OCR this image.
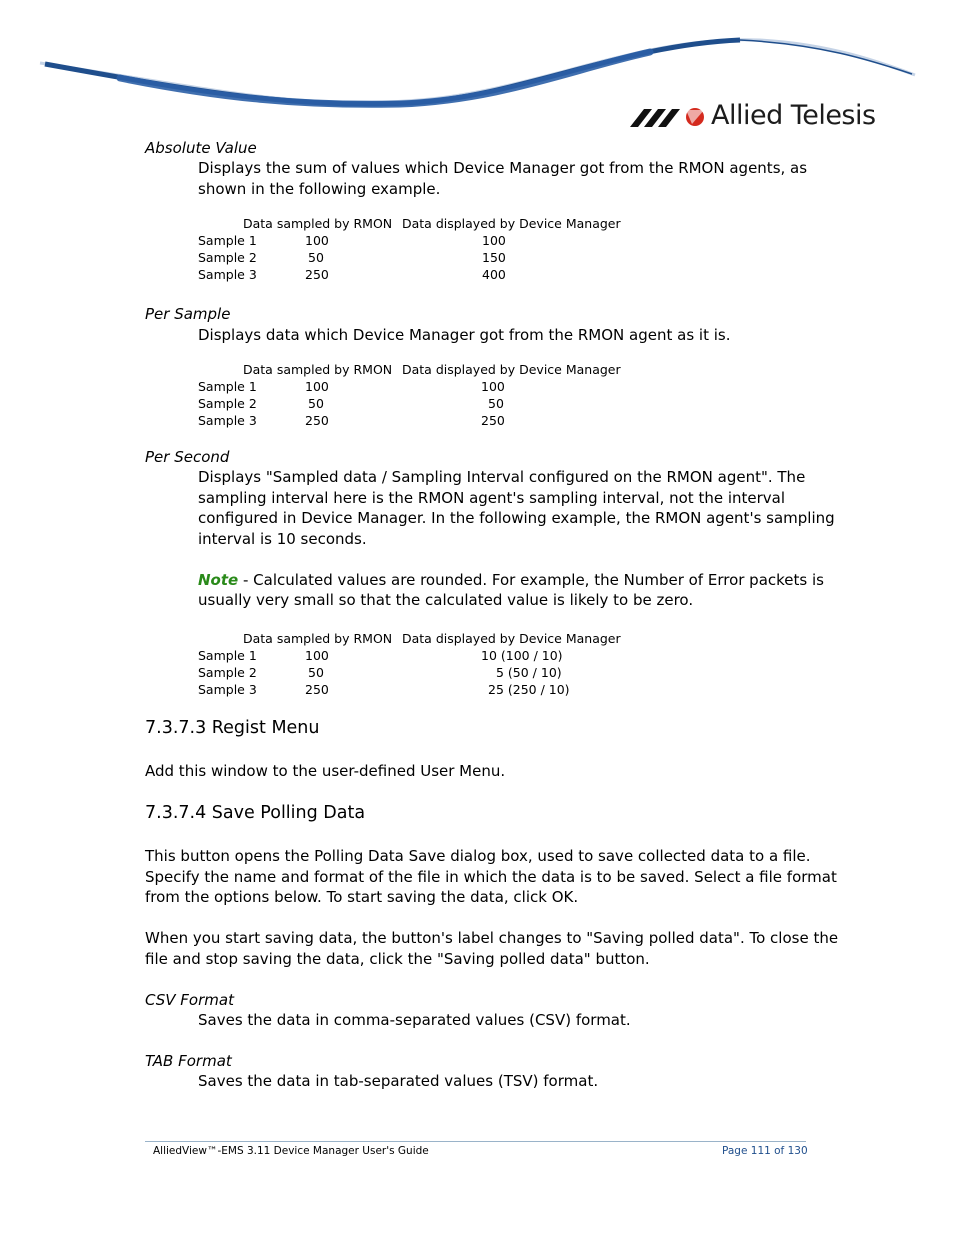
Allied Telesis
Absolute Value
Displays the sum of values which Device Manager got from the RMON agents, as
shown in the following example.
Data sampled by RMON Data displayed by Device Manager
Sample 1	100	100
Sample 2	50	150
Sample 3	250	400
Per Sample
Displays data which Device Manager got from the RMON agent as it is.
Data sampled by RMON Data displayed by Device Manager
Sample 1	100	100
Sample 2	50	50
Sample 3	250	250
Per Second
Displays "Sampled data / Sampling Interval configured on the RMON agent". The
sampling interval here is the RMON agent's sampling interval, not the interval
configured in Device Manager. In the following example, the RMON agent's sampling
interval is 10 seconds.
Note - Calculated values are rounded. For example, the Number of Error packets is
usually very small so that the calculated value is likely to be zero.
Data sampled by RMON Data displayed by Device Manager
Sample 1	100	10 (100 / 10)
Sample 2	50	5 (50 / 10)
Sample 3	250	25 (250 / 10)
7.3.7.3 Regist Menu
Add this window to the user-defined User Menu.
7.3.7.4 Save Polling Data
This button opens the Polling Data Save dialog box, used to save collected data to a file.
Specify the name and format of the file in which the data is to be saved. Select a file format
from the options below. To start saving the data, click OK.
When you start saving data, the button's label changes to "Saving polled data". To close the
file and stop saving the data, click the "Saving polled data" button.
CSV Format
Saves the data in comma-separated values (CSV) format.
TAB Format
Saves the data in tab-separated values (TSV) format.
AlliedView™-EMS 3.11 Device Manager User's Guide	Page 111 of 130
